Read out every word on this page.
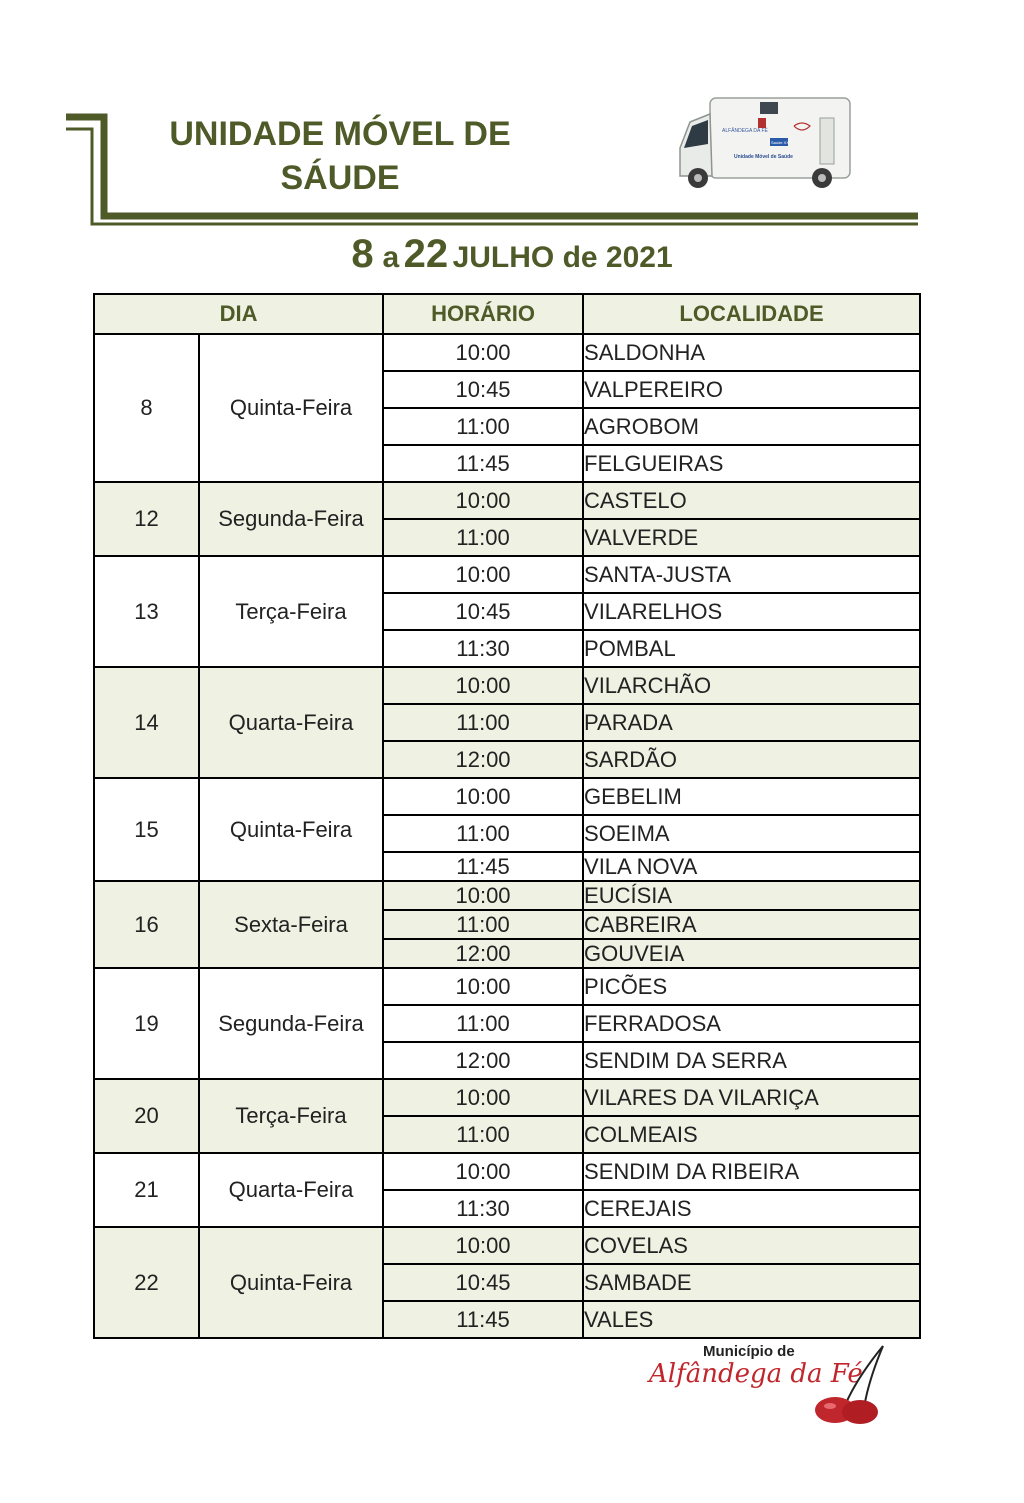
UNIDADE MÓVEL DE
SÁUDE
ALFÂNDEGA DA FÉ
Saúde XXI
Unidade Móvel de Saúde
8 a 22 JULHO de 2021
DIA		HORÁRIO	LOCALIDADE
8	Quinta-Feira	10:00	SALDONHA
		10:45	VALPEREIRO
		11:00	AGROBOM
		11:45	FELGUEIRAS
12	Segunda-Feira	10:00	CASTELO
		11:00	VALVERDE
13	Terça-Feira	10:00	SANTA-JUSTA
		10:45	VILARELHOS
		11:30	POMBAL
14	Quarta-Feira	10:00	VILARCHÃO
		11:00	PARADA
		12:00	SARDÃO
15	Quinta-Feira	10:00	GEBELIM
		11:00	SOEIMA
		11:45	VILA NOVA
16	Sexta-Feira	10:00	EUCÍSIA
		11:00	CABREIRA
		12:00	GOUVEIA
19	Segunda-Feira	10:00	PICÕES
		11:00	FERRADOSA
		12:00	SENDIM DA SERRA
20	Terça-Feira	10:00	VILARES DA VILARIÇA
		11:00	COLMEAIS
21	Quarta-Feira	10:00	SENDIM DA RIBEIRA
		11:30	CEREJAIS
22	Quinta-Feira	10:00	COVELAS
		10:45	SAMBADE
		11:45	VALES
Município de
Alfândega da Fé
